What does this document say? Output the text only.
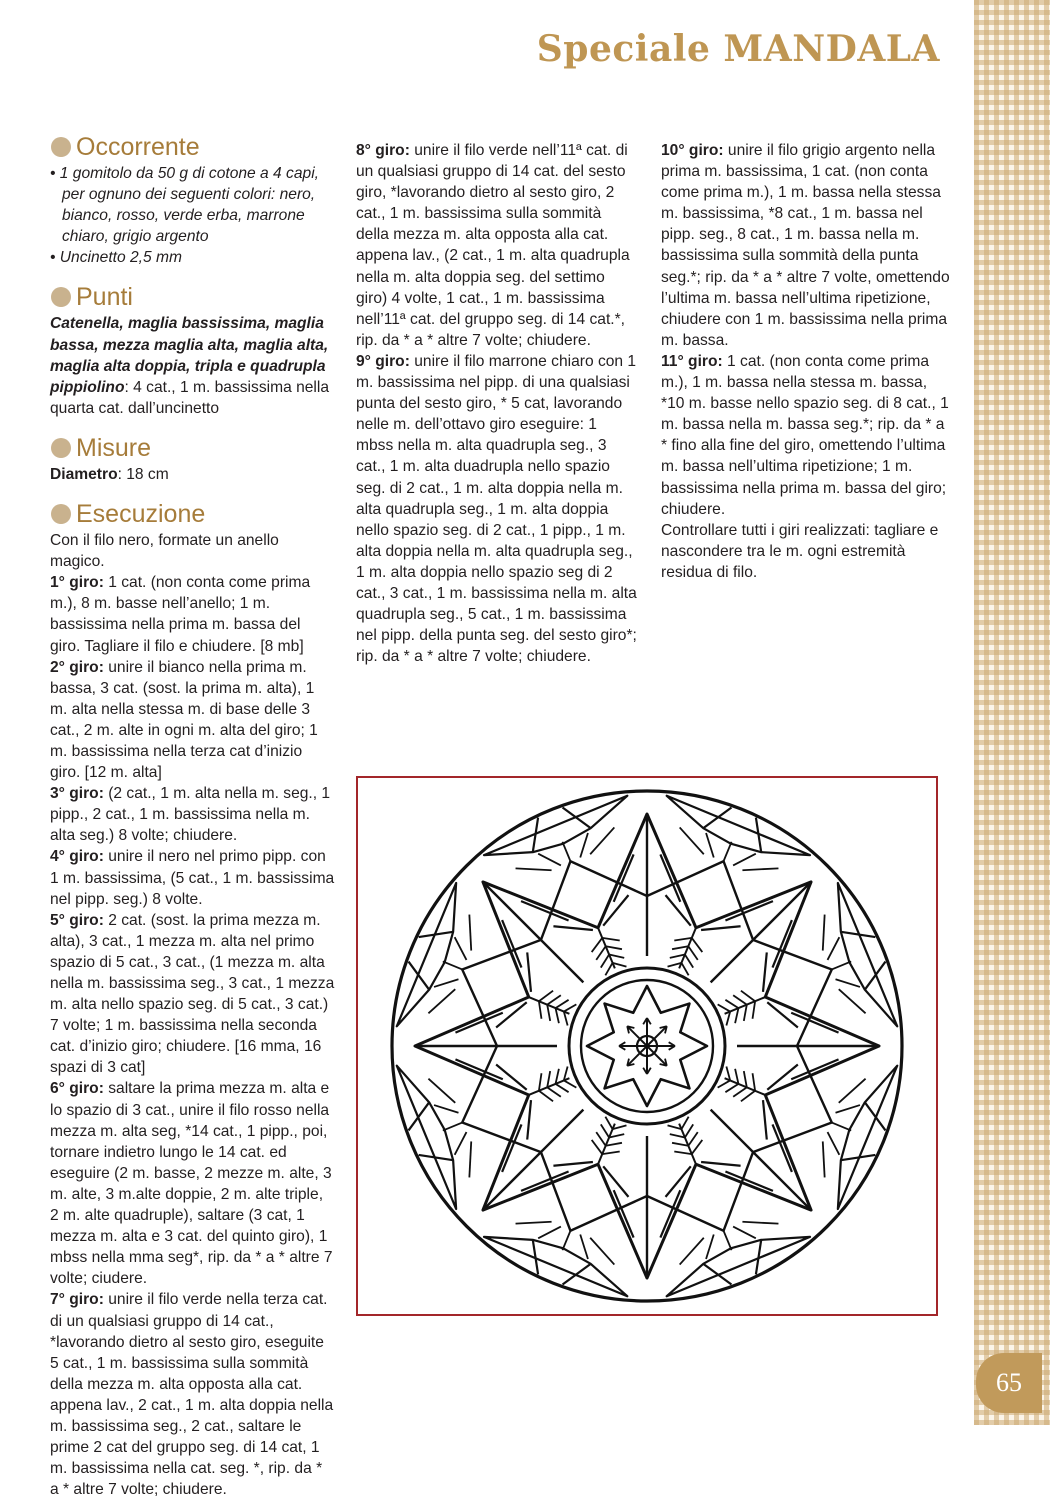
65
Speciale MANDALA
Occorrente

• 1 gomitolo da 50 g di cotone a 4 capi, per ognuno dei seguenti colori: nero, bianco, rosso, verde erba, marrone chiaro, grigio argento

• Uncinetto 2,5 mm

Punti

Catenella, maglia bassissima, maglia bassa, mezza maglia alta, maglia alta, maglia alta doppia, tripla e quadrupla pippiolino: 4 cat., 1 m. bassissima nella quarta cat. dall’uncinetto

Misure

Diametro: 18 cm

Esecuzione

Con il filo nero, formate un anello magico.

1° giro: 1 cat. (non conta come prima m.), 8 m. basse nell’anello; 1 m. bassissima nella prima m. bassa del giro. Tagliare il filo e chiudere. [8 mb]

2° giro: unire il bianco nella prima m. bassa, 3 cat. (sost. la prima m. alta), 1 m. alta nella stessa m. di base delle 3 cat., 2 m. alte in ogni m. alta del giro; 1 m. bassissima nella terza cat d’inizio giro. [12 m. alta]

3° giro: (2 cat., 1 m. alta nella m. seg., 1 pipp., 2 cat., 1 m. bassissima nella m. alta seg.) 8 volte; chiudere.

4° giro: unire il nero nel primo pipp. con 1 m. bassissima, (5 cat., 1 m. bassissima nel pipp. seg.) 8 volte.

5° giro: 2 cat. (sost. la prima mezza m. alta), 3 cat., 1 mezza m. alta nel primo spazio di 5 cat., 3 cat., (1 mezza m. alta nella m. bassissima seg., 3 cat., 1 mezza m. alta nello spazio seg. di 5 cat., 3 cat.) 7 volte; 1 m. bassissima nella seconda cat. d’inizio giro; chiudere. [16 mma, 16 spazi di 3 cat]

6° giro: saltare la prima mezza m. alta e lo spazio di 3 cat., unire il filo rosso nella mezza m. alta seg, *14 cat., 1 pipp., poi, tornare indietro lungo le 14 cat. ed eseguire (2 m. basse, 2 mezze m. alte, 3 m. alte, 3 m.alte doppie, 2 m. alte triple, 2 m. alte quadruple), saltare (3 cat, 1 mezza m. alta e 3 cat. del quinto giro), 1 mbss nella mma seg*, rip. da * a * altre 7 volte; ciudere.

7° giro: unire il filo verde nella terza cat. di un qualsiasi gruppo di 14 cat., *lavorando dietro al sesto giro, eseguite 5 cat., 1 m. bassissima sulla sommità della mezza m. alta opposta alla cat. appena lav., 2 cat., 1 m. alta doppia nella m. bassissima seg., 2 cat., saltare le prime 2 cat del gruppo seg. di 14 cat, 1 m. bassissima nella cat. seg. *, rip. da * a * altre 7 volte; chiudere.

8° giro: unire il filo verde nell’11ª cat. di un qualsiasi gruppo di 14 cat. del sesto giro, *lavorando dietro al sesto giro, 2 cat., 1 m. bassissima sulla sommità della mezza m. alta opposta alla cat. appena lav., (2 cat., 1 m. alta quadrupla nella m. alta doppia seg. del settimo giro) 4 volte, 1 cat., 1 m. bassissima nell’11ª cat. del gruppo seg. di 14 cat.*, rip. da * a * altre 7 volte; chiudere.

9° giro: unire il filo marrone chiaro con 1 m. bassissima nel pipp. di una qualsiasi punta del sesto giro, * 5 cat, lavorando nelle m. dell’ottavo giro eseguire: 1 mbss nella m. alta quadrupla seg., 3 cat., 1 m. alta duadrupla nello spazio seg. di 2 cat., 1 m. alta doppia nella m. alta quadrupla seg., 1 m. alta doppia nello spazio seg. di 2 cat., 1 pipp., 1 m. alta doppia nella m. alta quadrupla seg., 1 m. alta doppia nello spazio seg di 2 cat., 3 cat., 1 m. bassissima nella m. alta quadrupla seg., 5 cat., 1 m. bassissima nel pipp. della punta seg. del sesto giro*; rip. da * a * altre 7 volte; chiudere.

10° giro: unire il filo grigio argento nella prima m. bassissima, 1 cat. (non conta come prima m.), 1 m. bassa nella stessa m. bassissima, *8 cat., 1 m. bassa nel pipp. seg., 8 cat., 1 m. bassa nella m. bassissima sulla sommità della punta seg.*; rip. da * a * altre 7 volte, omettendo l’ultima m. bassa nell’ultima ripetizione, chiudere con 1 m. bassissima nella prima m. bassa.

11° giro: 1 cat. (non conta come prima m.), 1 m. bassa nella stessa m. bassa, *10 m. basse nello spazio seg. di 8 cat., 1 m. bassa nella m. bassa seg.*; rip. da * a * fino alla fine del giro, omettendo l’ultima m. bassa nell’ultima ripetizione; 1 m. bassissima nella prima m. bassa del giro; chiudere.

Controllare tutti i giri realizzati: tagliare e nascondere tra le m. ogni estremità residua di filo.
